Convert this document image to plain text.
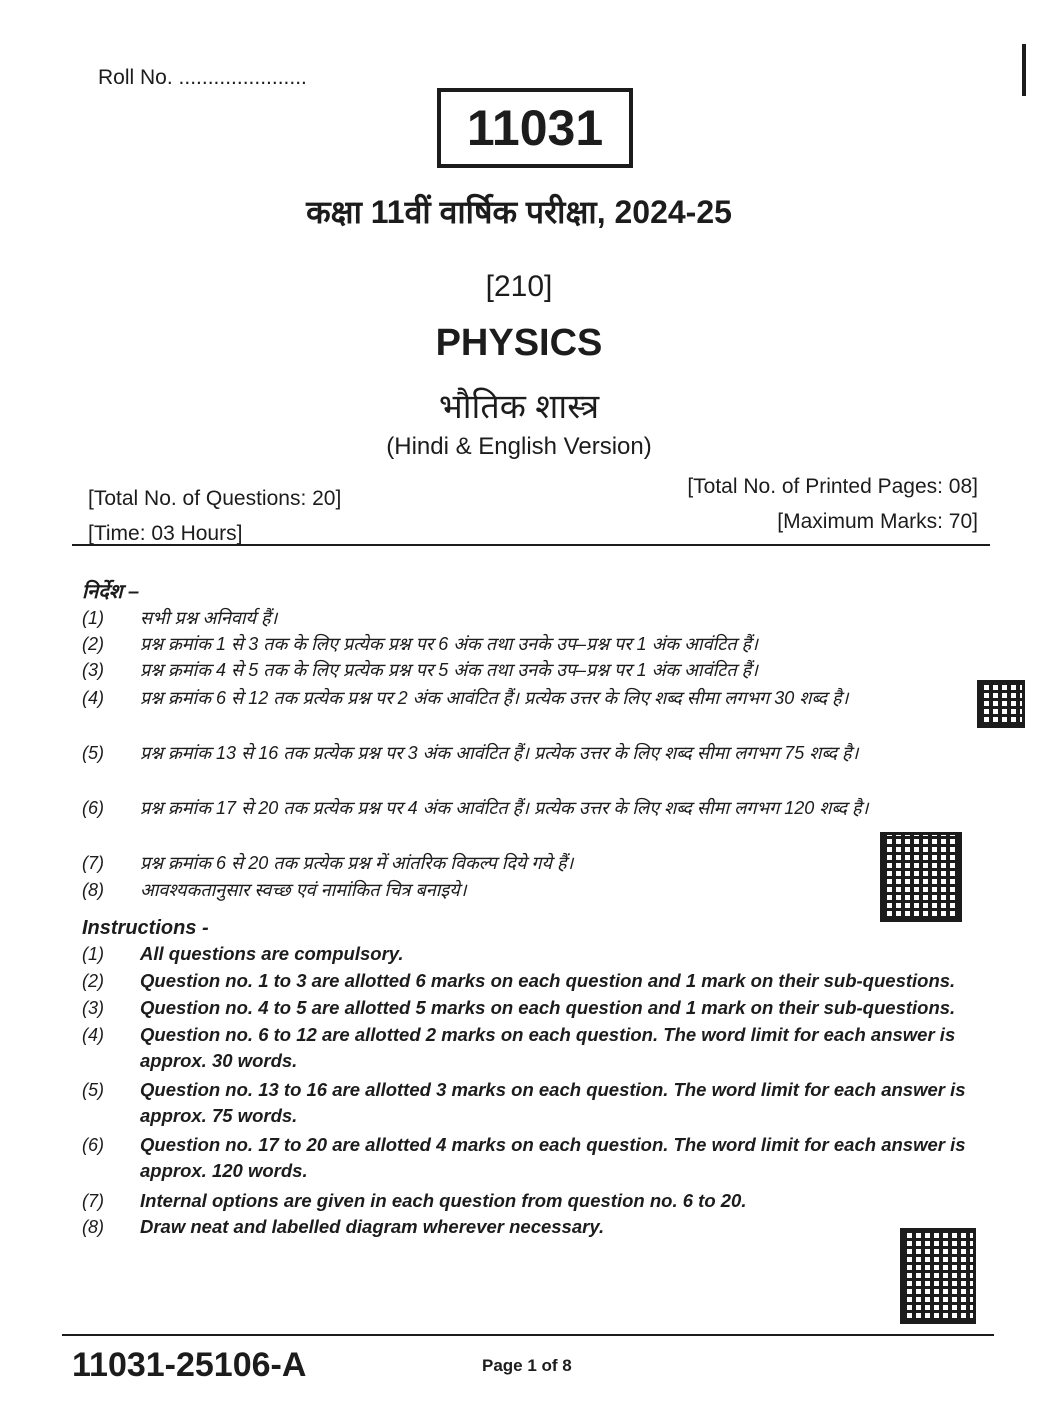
Roll No. ......................
11031
कक्षा 11वीं वार्षिक परीक्षा, 2024-25
[210]
PHYSICS
भौतिक शास्त्र
(Hindi & English Version)
[Total No. of Questions: 20]
[Time: 03 Hours]
[Total No. of Printed Pages: 08]
[Maximum Marks: 70]
निर्देश –
(1)	सभी प्रश्न अनिवार्य हैं।
(2)	प्रश्न क्रमांक 1 से 3 तक के लिए प्रत्येक प्रश्न पर 6 अंक तथा उनके उप–प्रश्न पर 1 अंक आवंटित हैं।
(3)	प्रश्न क्रमांक 4 से 5 तक के लिए प्रत्येक प्रश्न पर 5 अंक तथा उनके उप–प्रश्न पर 1 अंक आवंटित हैं।
(4)	प्रश्न क्रमांक 6 से 12 तक प्रत्येक प्रश्न पर 2 अंक आवंटित हैं। प्रत्येक उत्तर के लिए शब्द सीमा लगभग 30 शब्द है।
(5)	प्रश्न क्रमांक 13 से 16 तक प्रत्येक प्रश्न पर 3 अंक आवंटित हैं। प्रत्येक उत्तर के लिए शब्द सीमा लगभग 75 शब्द है।
(6)	प्रश्न क्रमांक 17 से 20 तक प्रत्येक प्रश्न पर 4 अंक आवंटित हैं। प्रत्येक उत्तर के लिए शब्द सीमा लगभग 120 शब्द है।
(7)	प्रश्न क्रमांक 6 से 20 तक प्रत्येक प्रश्न में आंतरिक विकल्प दिये गये हैं।
(8)	आवश्यकतानुसार स्वच्छ एवं नामांकित चित्र बनाइये।
Instructions -
(1)	All questions are compulsory.
(2)	Question no. 1 to 3 are allotted 6 marks on each question and 1 mark on their sub-questions.
(3)	Question no. 4 to 5 are allotted 5 marks on each question and 1 mark on their sub-questions.
(4)	Question no. 6 to 12 are allotted 2 marks on each question. The word limit for each answer is approx. 30 words.
(5)	Question no. 13 to 16 are allotted 3 marks on each question. The word limit for each answer is approx. 75 words.
(6)	Question no. 17 to 20 are allotted 4 marks on each question. The word limit for each answer is approx. 120 words.
(7)	Internal options are given in each question from question no. 6 to 20.
(8)	Draw neat and labelled diagram wherever necessary.
11031-25106-A	Page 1 of 8
